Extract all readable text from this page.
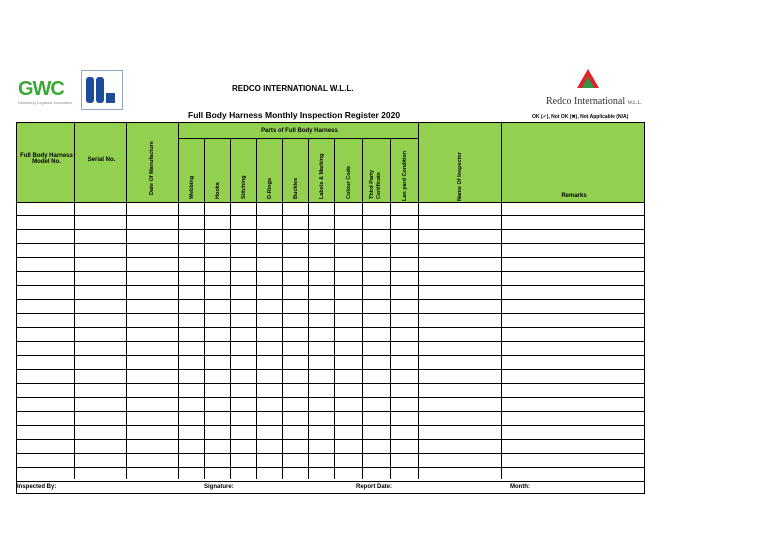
GWC
Delivering Logistics Innovation	Redco International W.L.L.
REDCO INTERNATIONAL W.L.L.
Full Body Harness Monthly Inspection Register 2020	OK (✓), Not OK (✖), Not Applicable (N/A)
Full Body Harness Model No.	Serial No.	Date Of Manufacture
Parts of Full Body Harness
Webbing	Hooks	Stitching	D-Rings	Buckles	Labels & Marking	Colour Code	Third Party Certificate	Lan yard Condition	Name Of Inspector	Remarks
Inspected By:	Signature:	Report Date:	Month:
